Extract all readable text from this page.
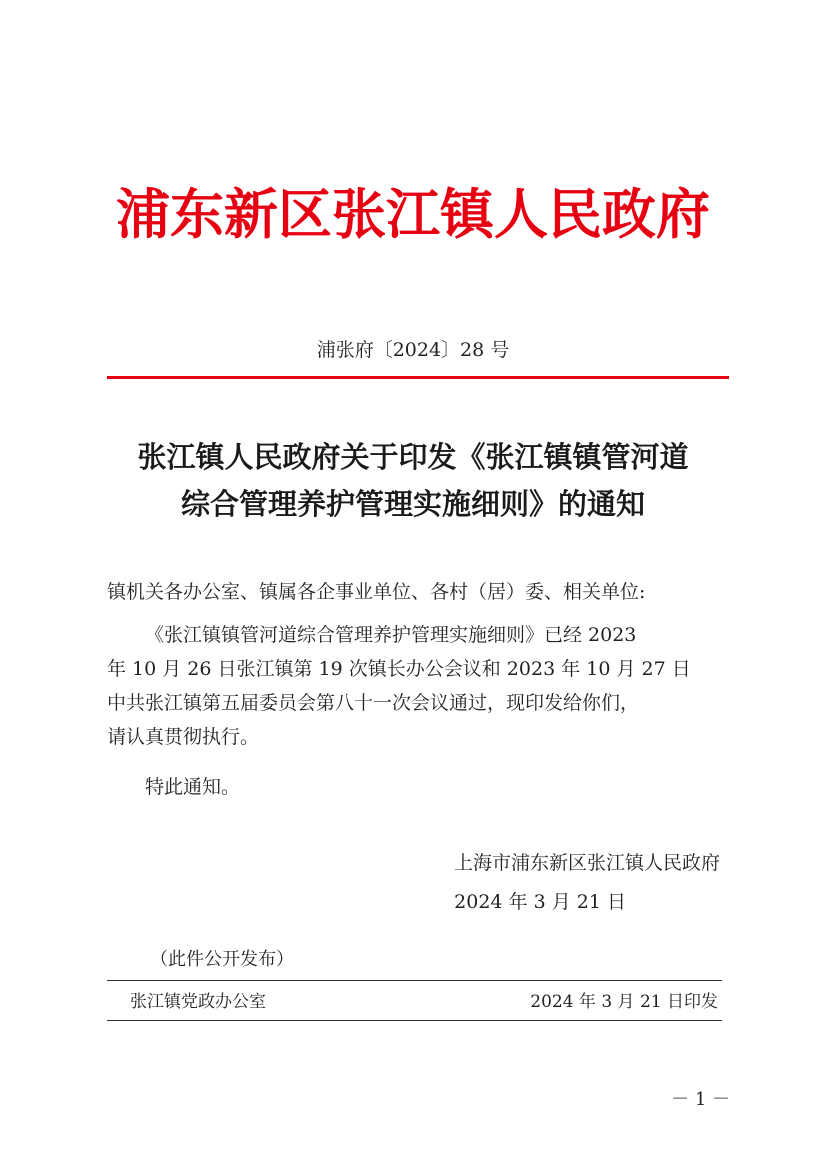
浦东新区张江镇人民政府
浦张府〔2024〕28 号
张江镇人民政府关于印发《张江镇镇管河道
综合管理养护管理实施细则》的通知
镇机关各办公室、镇属各企事业单位、各村（居）委、相关单位:
《张江镇镇管河道综合管理养护管理实施细则》已经 2023
年 10 月 26 日张江镇第 19 次镇长办公会议和 2023 年 10 月 27 日
中共张江镇第五届委员会第八十一次会议通过，现印发给你们，
请认真贯彻执行。
特此通知。
上海市浦东新区张江镇人民政府
2024 年 3 月 21 日
（此件公开发布）
张江镇党政办公室	2024 年 3 月 21 日印发
－ 1 －
